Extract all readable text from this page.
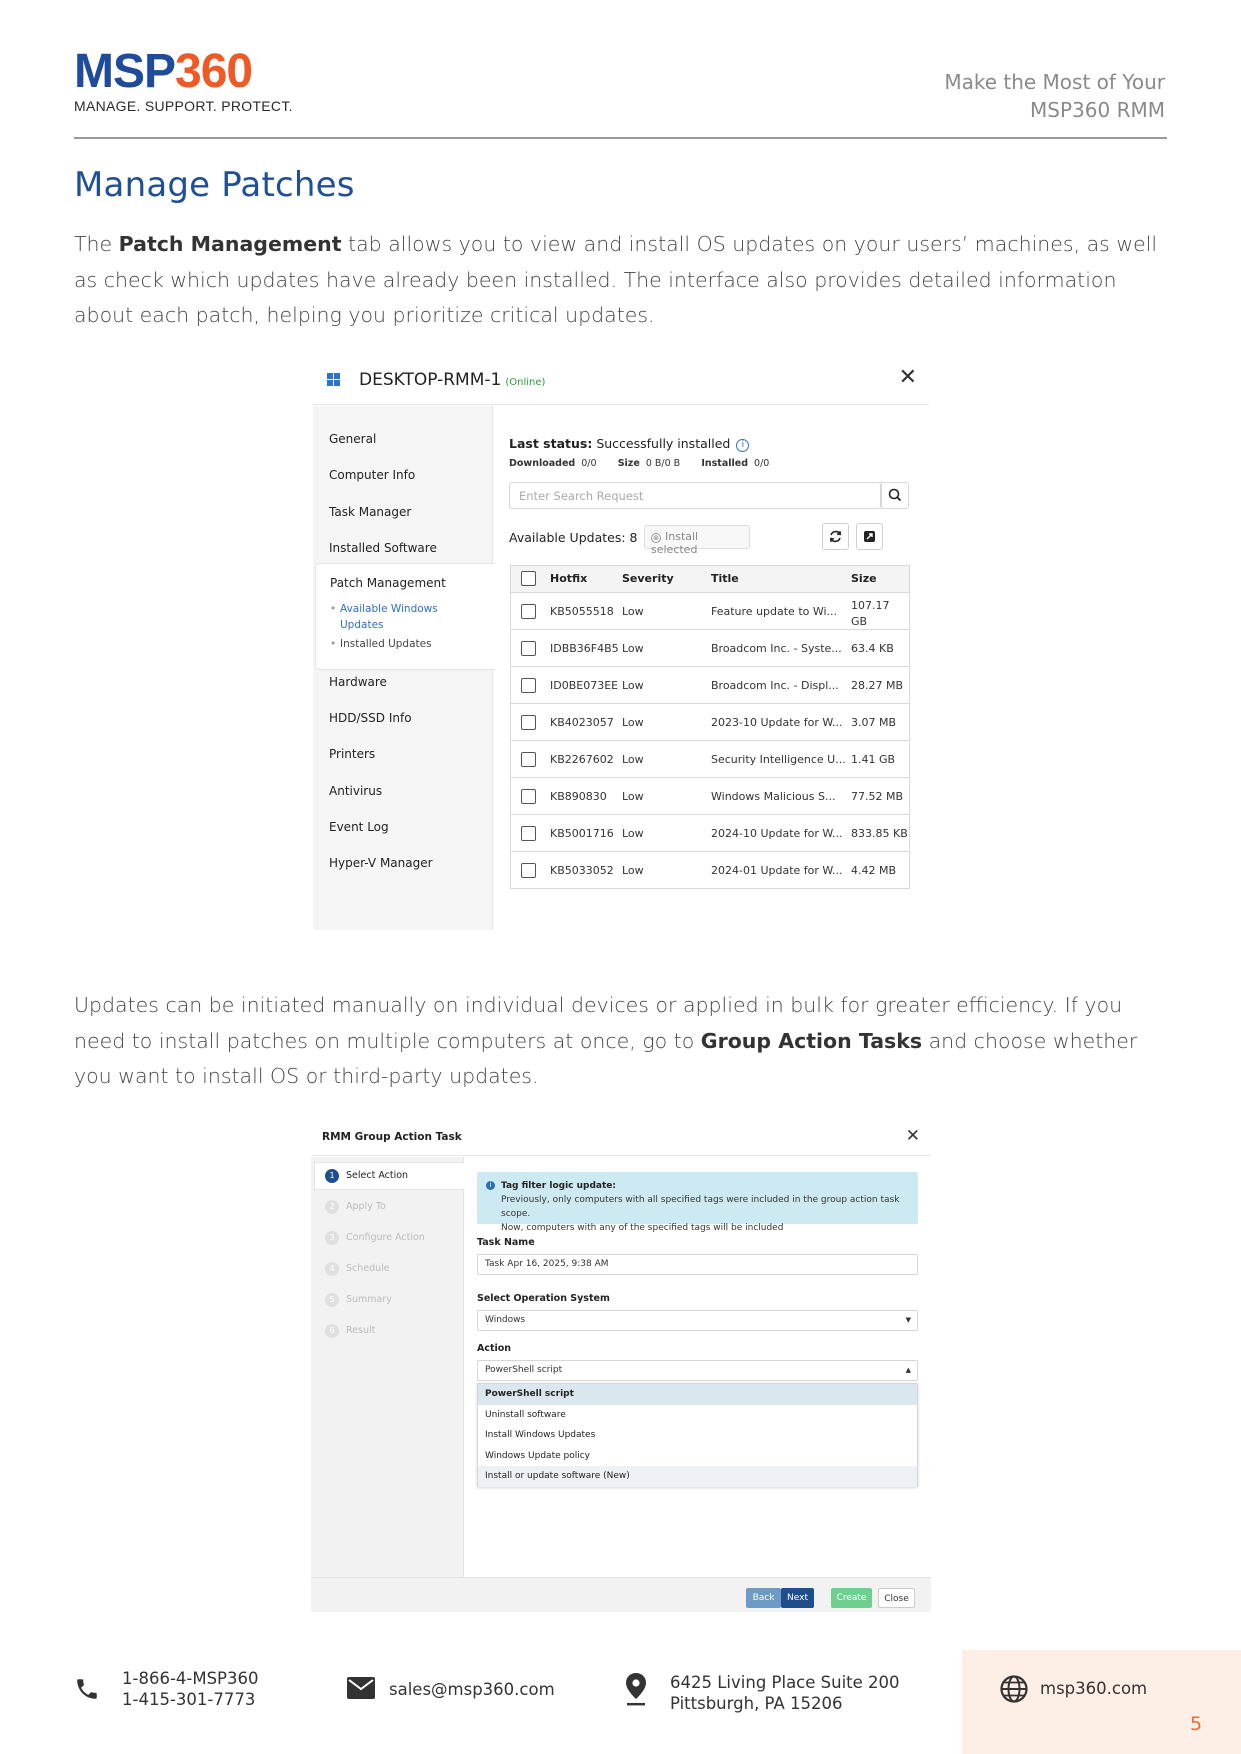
MSP360
MANAGE. SUPPORT. PROTECT.
Make the Most of Your
MSP360 RMM
Manage Patches

The Patch Management tab allows you to view and install OS updates on your users’ machines, as well as check which updates have already been installed. The interface also provides detailed information about each patch, helping you prioritize critical updates.

DESKTOP-RMM-1 (Online)	✕
General
Computer Info
Task Manager
Installed Software
Patch Management
• Available Windows
Updates
• Installed Updates
Hardware
HDD/SSD Info
Printers
Antivirus
Event Log
Hyper-V Manager
Last status: Successfully installed i
Downloaded 0/0 Size 0 B/0 B Installed 0/0
Enter Search Request
Available Updates: 8	⊗ Install selected
Hotfix	Severity	Title	Size
KB5055518 Low	Feature update to Wi... 107.17 GB
IDBB36F4B5 Low	Broadcom Inc. - Syste... 63.4 KB
ID0BE073EE Low	Broadcom Inc. - Displ... 28.27 MB
KB4023057 Low	2023-10 Update for W... 3.07 MB
KB2267602 Low	Security Intelligence U... 1.41 GB
KB890830 Low	Windows Malicious S... 77.52 MB
KB5001716 Low	2024-10 Update for W... 833.85 KB
KB5033052 Low	2024-01 Update for W... 4.42 MB

Updates can be initiated manually on individual devices or applied in bulk for greater efficiency. If you need to install patches on multiple computers at once, go to Group Action Tasks and choose whether you want to install OS or third-party updates.

RMM Group Action Task	✕
1 Select Action
2 Apply To
3 Configure Action
4 Schedule
5 Summary
6 Result
i	Tag filter logic update:
Previously, only computers with all specified tags were included in the group action task scope.
Now, computers with any of the specified tags will be included
Task Name
Task Apr 16, 2025, 9:38 AM
Select Operation System
Windows	▼
Action
PowerShell script	▲
PowerShell script
Uninstall software
Install Windows Updates
Windows Update policy
Install or update software (New)
Back	Next	Create	Close
1-866-4-MSP360
1-415-301-7773
sales@msp360.com	6425 Living Place Suite 200
Pittsburgh, PA 15206
msp360.com
5
